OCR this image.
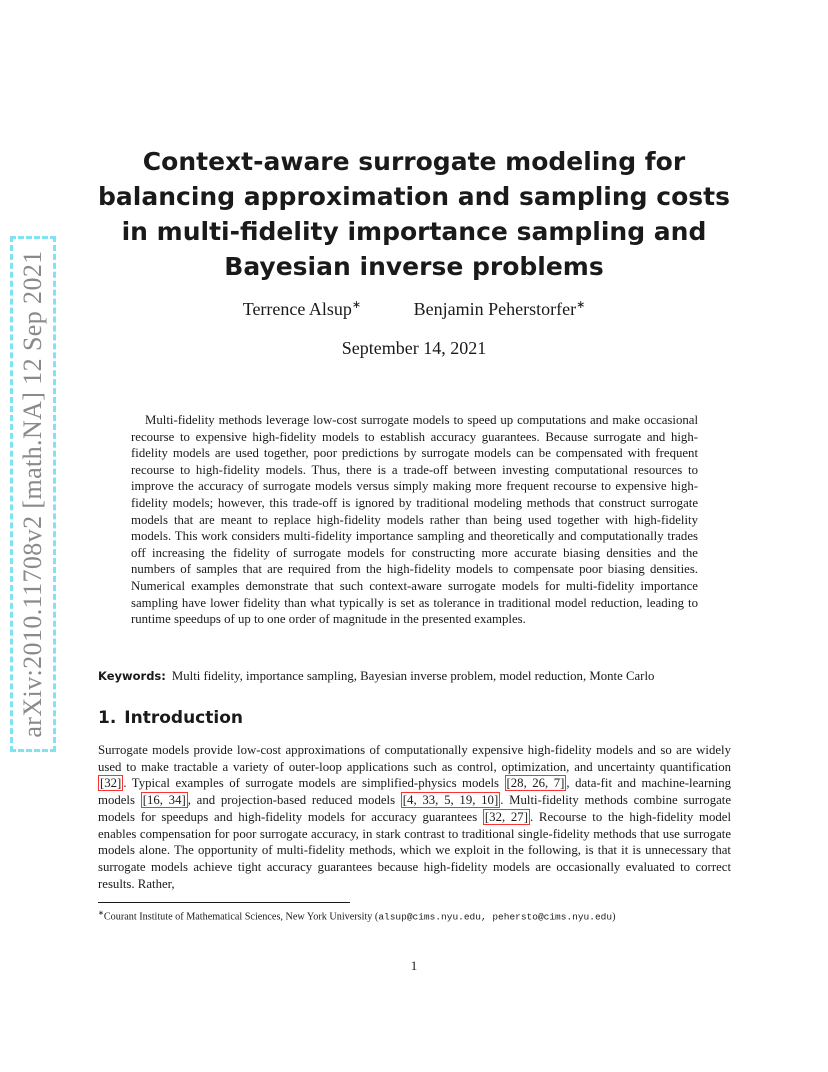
arXiv:2010.11708v2 [math.NA] 12 Sep 2021
Context-aware surrogate modeling for balancing approximation and sampling costs in multi-fidelity importance sampling and Bayesian inverse problems
Terrence Alsup∗	Benjamin Peherstorfer∗
September 14, 2021

Multi-fidelity methods leverage low-cost surrogate models to speed up computations and make occasional recourse to expensive high-fidelity models to establish accuracy guarantees. Because surrogate and high-fidelity models are used together, poor predictions by surrogate models can be compensated with frequent recourse to high-fidelity models. Thus, there is a trade-off between investing computational resources to improve the accuracy of surrogate models versus simply making more frequent recourse to expensive high-fidelity models; however, this trade-off is ignored by traditional modeling methods that construct surrogate models that are meant to replace high-fidelity models rather than being used together with high-fidelity models. This work considers multi-fidelity importance sampling and theoretically and computationally trades off increasing the fidelity of surrogate models for constructing more accurate biasing densities and the numbers of samples that are required from the high-fidelity models to compensate poor biasing densities. Numerical examples demonstrate that such context-aware surrogate models for multi-fidelity importance sampling have lower fidelity than what typically is set as tolerance in traditional model reduction, leading to runtime speedups of up to one order of magnitude in the presented examples.

Keywords: Multi fidelity, importance sampling, Bayesian inverse problem, model reduction, Monte Carlo
1. Introduction

Surrogate models provide low-cost approximations of computationally expensive high-fidelity models and so are widely used to make tractable a variety of outer-loop applications such as control, optimization, and uncertainty quantification [32] . Typical examples of surrogate models are simplified-physics models [28, 26, 7] , data-fit and machine-learning models [16, 34] , and projection-based reduced models [4, 33, 5, 19, 10] . Multi-fidelity methods combine surrogate models for speedups and high-fidelity models for accuracy guarantees [32, 27] . Recourse to the high-fidelity model enables compensation for poor surrogate accuracy, in stark contrast to traditional single-fidelity methods that use surrogate models alone. The opportunity of multi-fidelity methods, which we exploit in the following, is that it is unnecessary that surrogate models achieve tight accuracy guarantees because high-fidelity models are occasionally evaluated to correct results. Rather,

∗Courant Institute of Mathematical Sciences, New York University (alsup@cims.nyu.edu, pehersto@cims.nyu.edu)
1
